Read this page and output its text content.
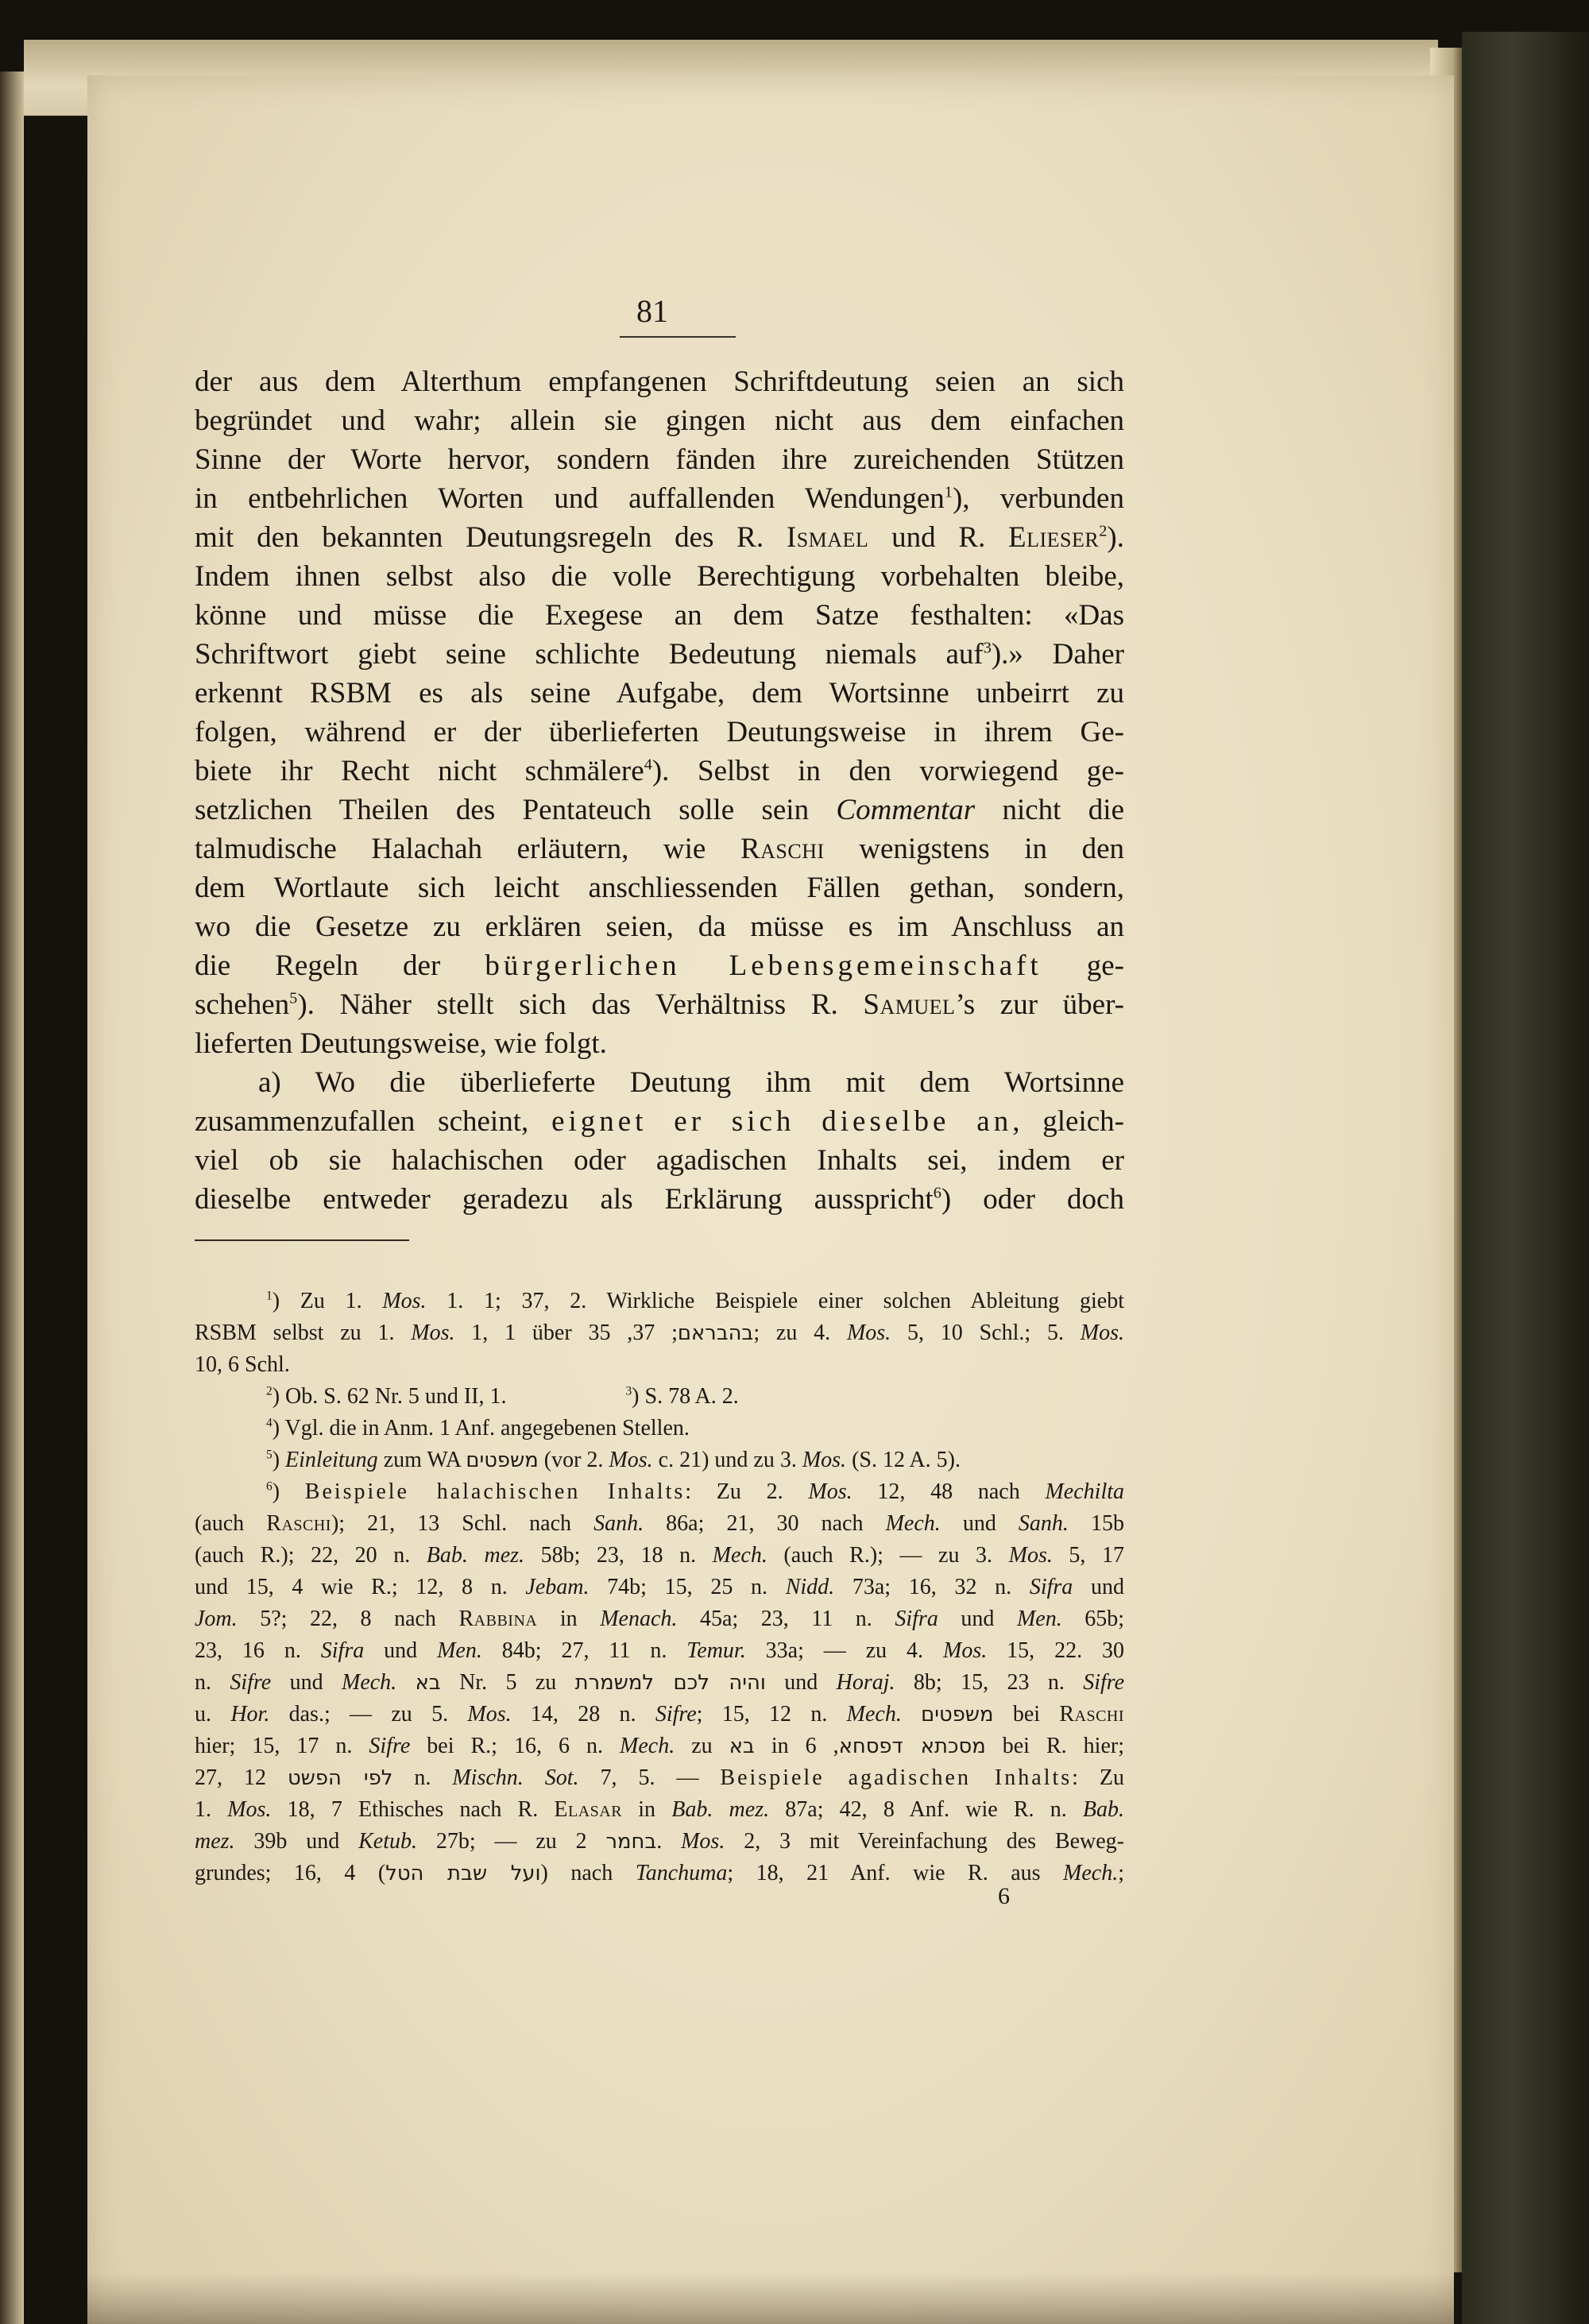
81
der aus dem Alterthum empfangenen Schriftdeutung seien an sich
begründet und wahr; allein sie gingen nicht aus dem einfachen
Sinne der Worte hervor, sondern fänden ihre zureichenden Stützen
in entbehrlichen Worten und auffallenden Wendungen$^1$), verbunden
mit den bekannten Deutungsregeln des R. Ismael und R. Elieser$^2$).
Indem ihnen selbst also die volle Berechtigung vorbehalten bleibe,
könne und müsse die Exegese an dem Satze festhalten: «Das
Schriftwort giebt seine schlichte Bedeutung niemals auf$^3$).» Daher
erkennt RSBM es als seine Aufgabe, dem Wortsinne unbeirrt zu
folgen, während er der überlieferten Deutungsweise in ihrem Ge-
biete ihr Recht nicht schmälere$^4$). Selbst in den vorwiegend ge-
setzlichen Theilen des Pentateuch solle sein Commentar nicht die
talmudische Halachah erläutern, wie Raschi wenigstens in den
dem Wortlaute sich leicht anschliessenden Fällen gethan, sondern,
wo die Gesetze zu erklären seien, da müsse es im Anschluss an
die Regeln der bürgerlichen Lebensgemeinschaft ge-
schehen$^5$). Näher stellt sich das Verhältniss R. Samuel’s zur über-
lieferten Deutungsweise, wie folgt.
a) Wo die überlieferte Deutung ihm mit dem Wortsinne
zusammenzufallen scheint, eignet er sich dieselbe an, gleich-
viel ob sie halachischen oder agadischen Inhalts sei, indem er
dieselbe entweder geradezu als Erklärung ausspricht$^6$) oder doch
$^1$) Zu 1. Mos. 1. 1; 37, 2. Wirkliche Beispiele einer solchen Ableitung giebt
RSBM selbst zu 1. Mos. 1, 1 über	בהבראם; 37, 35; zu 4. Mos. 5, 10 Schl.; 5. Mos.
10, 6 Schl.
$^2$) Ob. S. 62 Nr. 5 und II, 1.	$^3$) S. 78 A. 2.
$^4$) Vgl. die in Anm. 1 Anf. angegebenen Stellen.
$^5$) Einleitung zum WA משפטים (vor 2. Mos. c. 21) und zu 3. Mos. (S. 12 A. 5).
$^6$) Beispiele halachischen Inhalts: Zu 2. Mos. 12, 48 nach Mechilta
(auch Raschi); 21, 13 Schl. nach Sanh. 86a; 21, 30 nach Mech. und Sanh. 15b
(auch R.); 22, 20 n. Bab. mez. 58b; 23, 18 n. Mech. (auch R.); — zu 3. Mos. 5, 17
und 15, 4 wie R.; 12, 8 n. Jebam. 74b; 15, 25 n. Nidd. 73a; 16, 32 n. Sifra und
Jom. 5?; 22, 8 nach Rabbina in Menach. 45a; 23, 11 n. Sifra und Men. 65b;
23, 16 n. Sifra und Men. 84b; 27, 11 n. Temur. 33a; — zu 4. Mos. 15, 22. 30
n. Sifre und Mech. בא Nr. 5 zu והיה לכם למשמרת und Horaj. 8b; 15, 23 n. Sifre
u. Hor. das.; — zu 5. Mos. 14, 28 n. Sifre; 15, 12 n. Mech. משפטים bei Raschi
hier; 15, 17 n. Sifre bei R.; 16, 6 n. Mech. zu בא in מסכתא דפסחא, 6 bei R. hier;
27, 12 לפי הפשט n. Mischn. Sot. 7, 5. — Beispiele agadischen Inhalts: Zu
1. Mos. 18, 7 Ethisches nach R. Elasar in Bab. mez. 87a; 42, 8 Anf. wie R. n. Bab.
mez. 39b und Ketub. 27b; — zu בחמר 2. Mos. 2, 3 mit Vereinfachung des Beweg-
grundes; 16, 4 (ועל שבת הטל) nach Tanchuma; 18, 21 Anf. wie R. aus Mech.;
6
